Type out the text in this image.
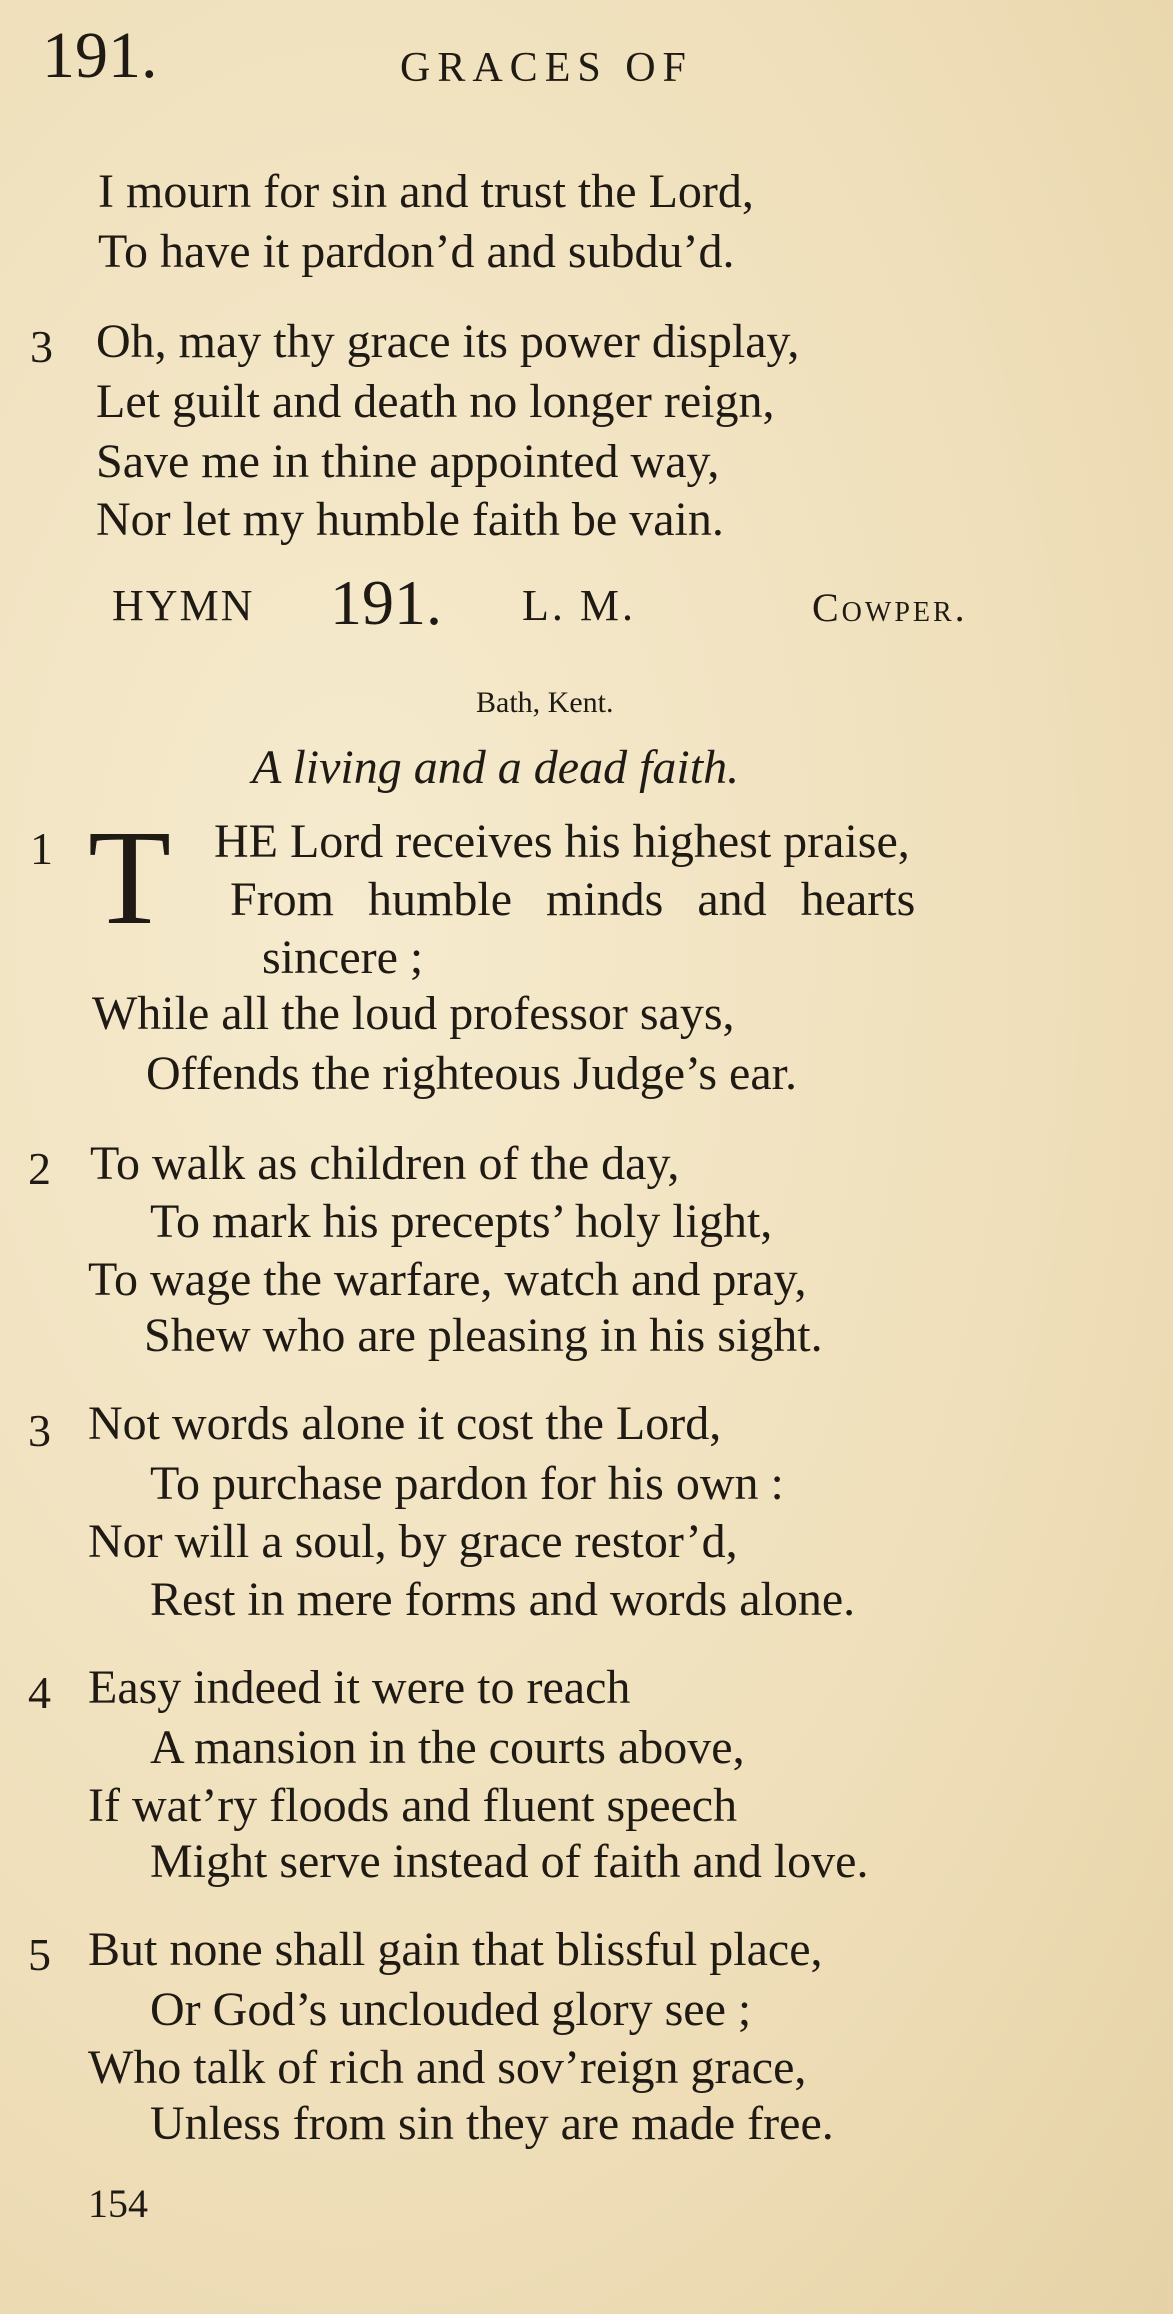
191.	GRACES OF
I mourn for sin and trust the Lord,
To have it pardon’d and subdu’d.
3 Oh, may thy grace its power display,
Let guilt and death no longer reign,
Save me in thine appointed way,
Nor let my humble faith be vain.
HYMN 191. L. M.	Cowper.
Bath, Kent.
A living and a dead faith.
1 T HE Lord receives his highest praise,
From humble minds and hearts
sincere ;
While all the loud professor says,
Offends the righteous Judge’s ear.
2 To walk as children of the day,
To mark his precepts’ holy light,
To wage the warfare, watch and pray,
Shew who are pleasing in his sight.
3 Not words alone it cost the Lord,
To purchase pardon for his own :
Nor will a soul, by grace restor’d,
Rest in mere forms and words alone.
4 Easy indeed it were to reach
A mansion in the courts above,
If wat’ry floods and fluent speech
Might serve instead of faith and love.
5 But none shall gain that blissful place,
Or God’s unclouded glory see ;
Who talk of rich and sov’reign grace,
Unless from sin they are made free.
154
